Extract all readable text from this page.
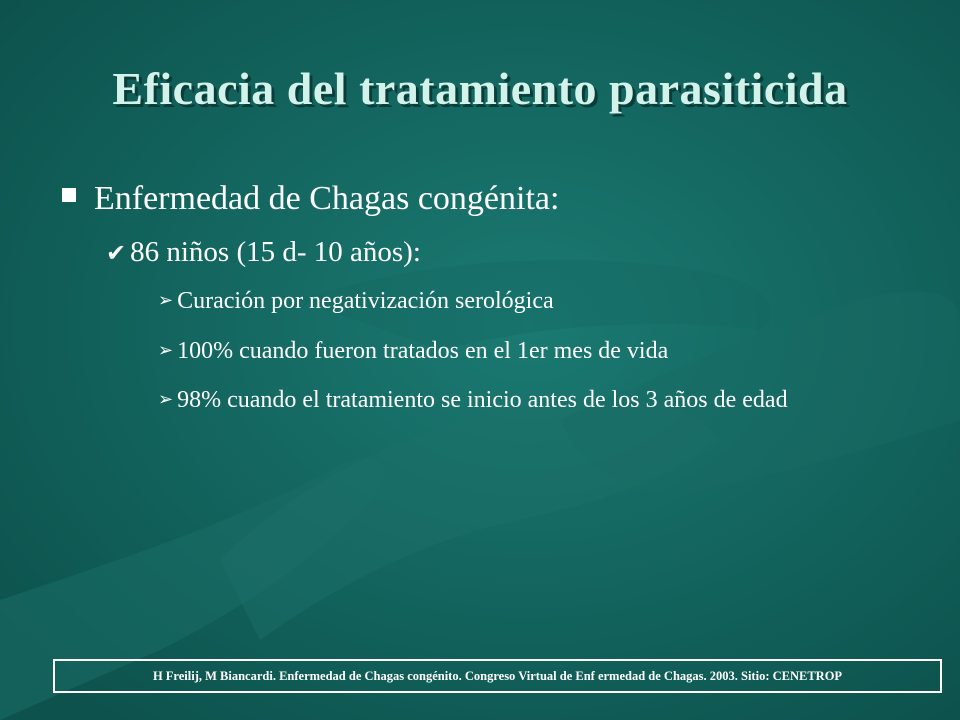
Eficacia del tratamiento parasiticida
Enfermedad de Chagas congénita:
✔ 86 niños (15 d- 10 años):
➢ Curación por negativización serológica
➢ 100% cuando fueron tratados en el 1er mes de vida
➢ 98% cuando el tratamiento se inicio antes de los 3 años de edad
H Freilij, M Biancardi. Enfermedad de Chagas congénito. Congreso Virtual de Enf ermedad de Chagas. 2003. Sitio: CENETROP
